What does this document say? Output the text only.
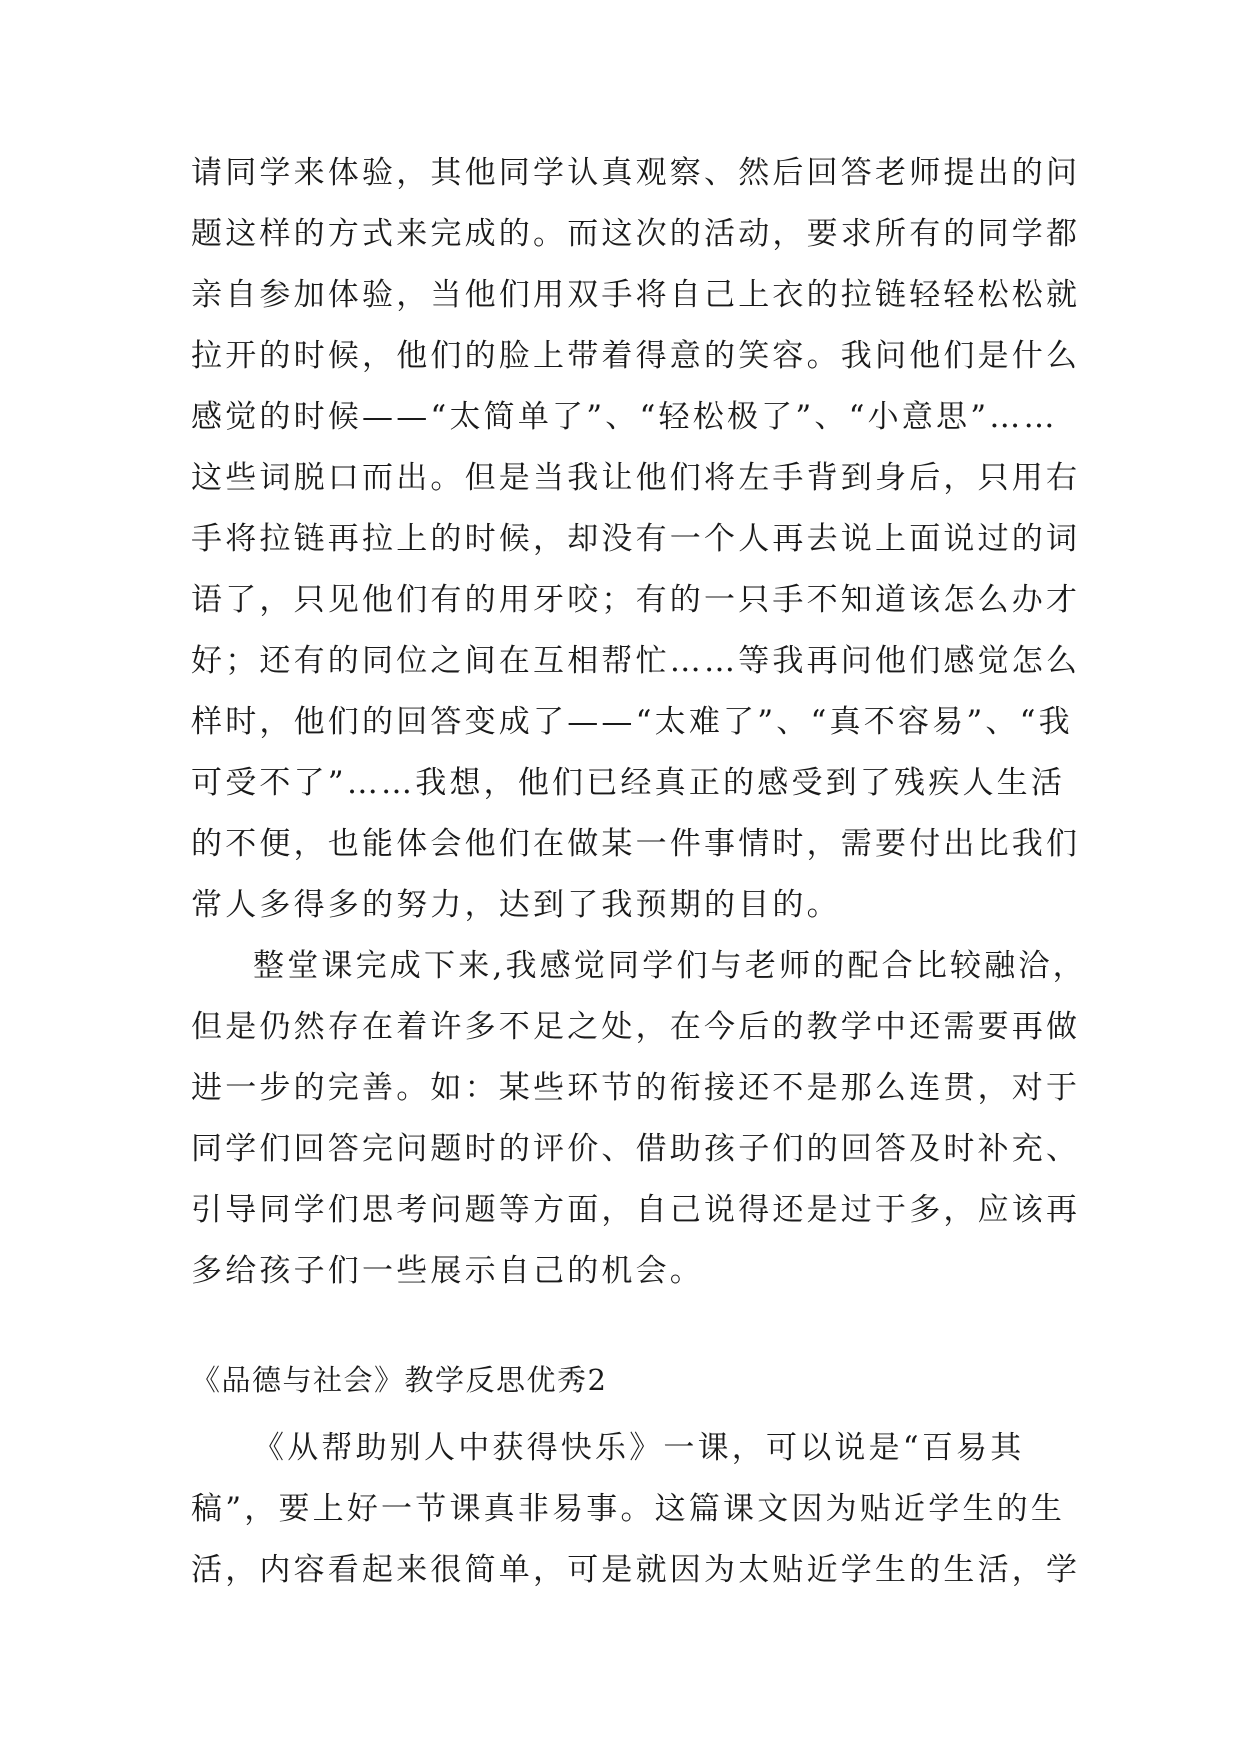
请同学来体验，其他同学认真观察、然后回答老师提出的问
题这样的方式来完成的。而这次的活动，要求所有的同学都
亲自参加体验，当他们用双手将自己上衣的拉链轻轻松松就
拉开的时候，他们的脸上带着得意的笑容。我问他们是什么
感觉的时候——“太简单了”、“轻松极了”、“小意思”……
这些词脱口而出。但是当我让他们将左手背到身后，只用右
手将拉链再拉上的时候，却没有一个人再去说上面说过的词
语了，只见他们有的用牙咬；有的一只手不知道该怎么办才
好；还有的同位之间在互相帮忙……等我再问他们感觉怎么
样时，他们的回答变成了——“太难了”、“真不容易”、“我
可受不了”……我想，他们已经真正的感受到了残疾人生活
的不便，也能体会他们在做某一件事情时，需要付出比我们
常人多得多的努力，达到了我预期的目的。
整堂课完成下来,我感觉同学们与老师的配合比较融洽，
但是仍然存在着许多不足之处，在今后的教学中还需要再做
进一步的完善。如：某些环节的衔接还不是那么连贯，对于
同学们回答完问题时的评价、借助孩子们的回答及时补充、
引导同学们思考问题等方面，自己说得还是过于多，应该再
多给孩子们一些展示自己的机会。
《品德与社会》教学反思优秀2
《从帮助别人中获得快乐》一课，可以说是“百易其
稿”，要上好一节课真非易事。这篇课文因为贴近学生的生
活，内容看起来很简单，可是就因为太贴近学生的生活，学
